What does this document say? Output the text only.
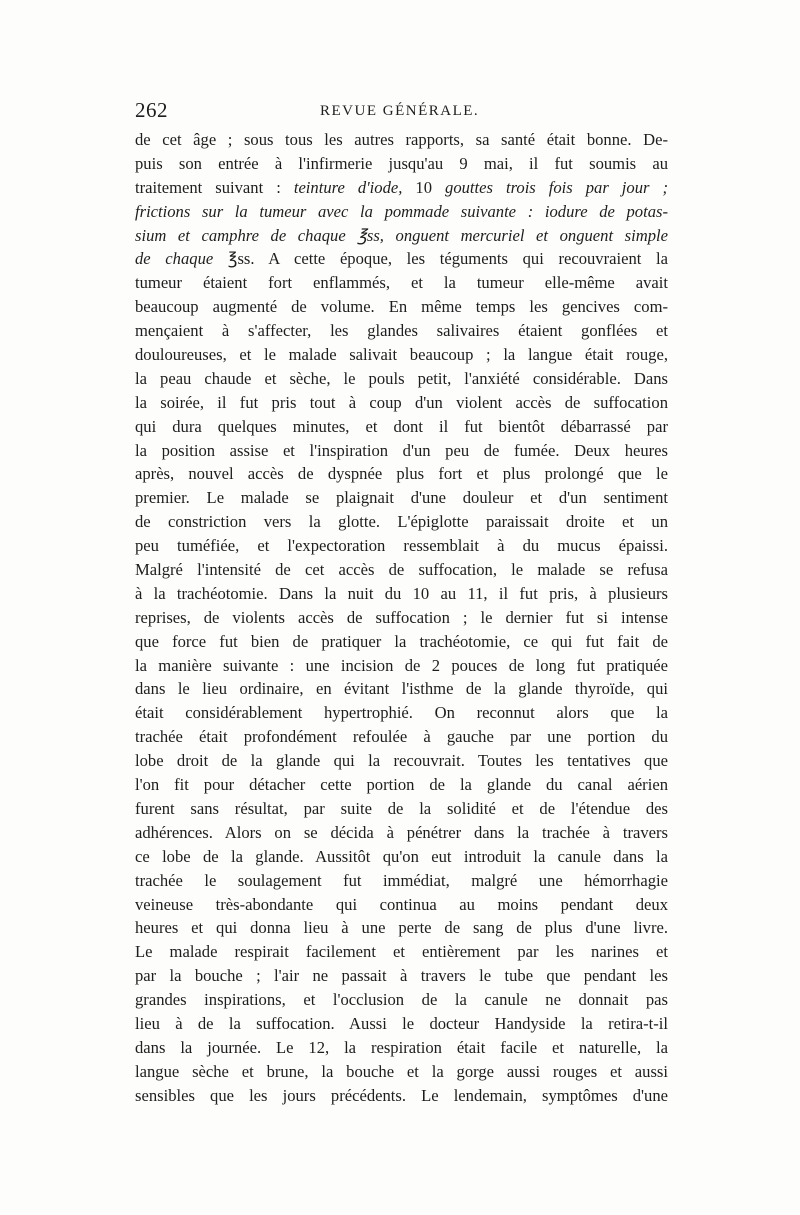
262	REVUE GÉNÉRALE.
de cet âge ; sous tous les autres rapports, sa santé était bonne. De-
puis son entrée à l'infirmerie jusqu'au 9 mai, il fut soumis au
traitement suivant : teinture d'iode, 10 gouttes trois fois par jour ;
frictions sur la tumeur avec la pommade suivante : iodure de potas-
sium et camphre de chaque ℥ss, onguent mercuriel et onguent simple
de chaque ℥ss. A cette époque, les téguments qui recouvraient la
tumeur étaient fort enflammés, et la tumeur elle-même avait
beaucoup augmenté de volume. En même temps les gencives com-
mençaient à s'affecter, les glandes salivaires étaient gonflées et
douloureuses, et le malade salivait beaucoup ; la langue était rouge,
la peau chaude et sèche, le pouls petit, l'anxiété considérable. Dans
la soirée, il fut pris tout à coup d'un violent accès de suffocation
qui dura quelques minutes, et dont il fut bientôt débarrassé par
la position assise et l'inspiration d'un peu de fumée. Deux heures
après, nouvel accès de dyspnée plus fort et plus prolongé que le
premier. Le malade se plaignait d'une douleur et d'un sentiment
de constriction vers la glotte. L'épiglotte paraissait droite et un
peu tuméfiée, et l'expectoration ressemblait à du mucus épaissi.
Malgré l'intensité de cet accès de suffocation, le malade se refusa
à la trachéotomie. Dans la nuit du 10 au 11, il fut pris, à plusieurs
reprises, de violents accès de suffocation ; le dernier fut si intense
que force fut bien de pratiquer la trachéotomie, ce qui fut fait de
la manière suivante : une incision de 2 pouces de long fut pratiquée
dans le lieu ordinaire, en évitant l'isthme de la glande thyroïde, qui
était considérablement hypertrophié. On reconnut alors que la
trachée était profondément refoulée à gauche par une portion du
lobe droit de la glande qui la recouvrait. Toutes les tentatives que
l'on fit pour détacher cette portion de la glande du canal aérien
furent sans résultat, par suite de la solidité et de l'étendue des
adhérences. Alors on se décida à pénétrer dans la trachée à travers
ce lobe de la glande. Aussitôt qu'on eut introduit la canule dans la
trachée le soulagement fut immédiat, malgré une hémorrhagie
veineuse très-abondante qui continua au moins pendant deux
heures et qui donna lieu à une perte de sang de plus d'une livre.
Le malade respirait facilement et entièrement par les narines et
par la bouche ; l'air ne passait à travers le tube que pendant les
grandes inspirations, et l'occlusion de la canule ne donnait pas
lieu à de la suffocation. Aussi le docteur Handyside la retira-t-il
dans la journée. Le 12, la respiration était facile et naturelle, la
langue sèche et brune, la bouche et la gorge aussi rouges et aussi
sensibles que les jours précédents. Le lendemain, symptômes d'une
